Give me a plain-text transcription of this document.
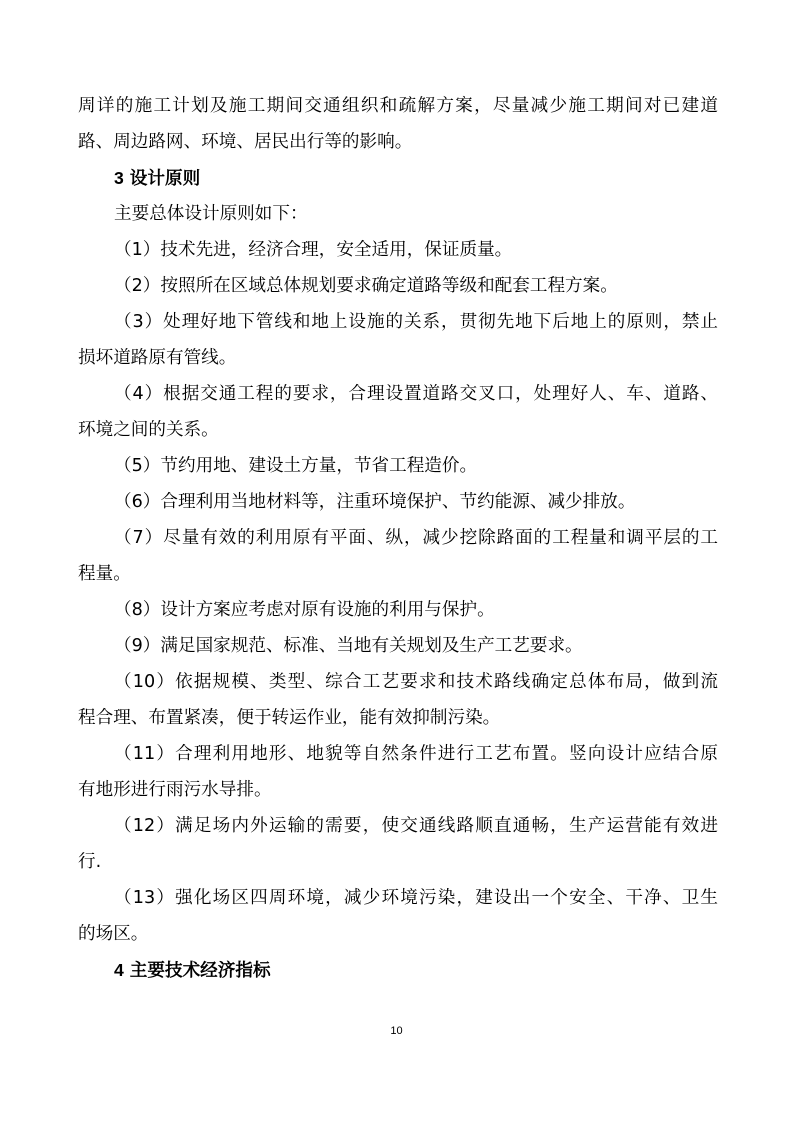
周详的施工计划及施工期间交通组织和疏解方案，尽量减少施工期间对已建道
路、周边路网、环境、居民出行等的影响。
3 设计原则
主要总体设计原则如下：
（1）技术先进，经济合理，安全适用，保证质量。
（2）按照所在区域总体规划要求确定道路等级和配套工程方案。
（3）处理好地下管线和地上设施的关系，贯彻先地下后地上的原则，禁止
损坏道路原有管线。
（4）根据交通工程的要求，合理设置道路交叉口，处理好人、车、道路、
环境之间的关系。
（5）节约用地、建设土方量，节省工程造价。
（6）合理利用当地材料等，注重环境保护、节约能源、减少排放。
（7）尽量有效的利用原有平面、纵，减少挖除路面的工程量和调平层的工
程量。
（8）设计方案应考虑对原有设施的利用与保护。
（9）满足国家规范、标准、当地有关规划及生产工艺要求。
（10）依据规模、类型、综合工艺要求和技术路线确定总体布局，做到流
程合理、布置紧凑，便于转运作业，能有效抑制污染。
（11）合理利用地形、地貌等自然条件进行工艺布置。竖向设计应结合原
有地形进行雨污水导排。
（12）满足场内外运输的需要，使交通线路顺直通畅，生产运营能有效进
行.
（13）强化场区四周环境，减少环境污染，建设出一个安全、干净、卫生
的场区。
4 主要技术经济指标
10
